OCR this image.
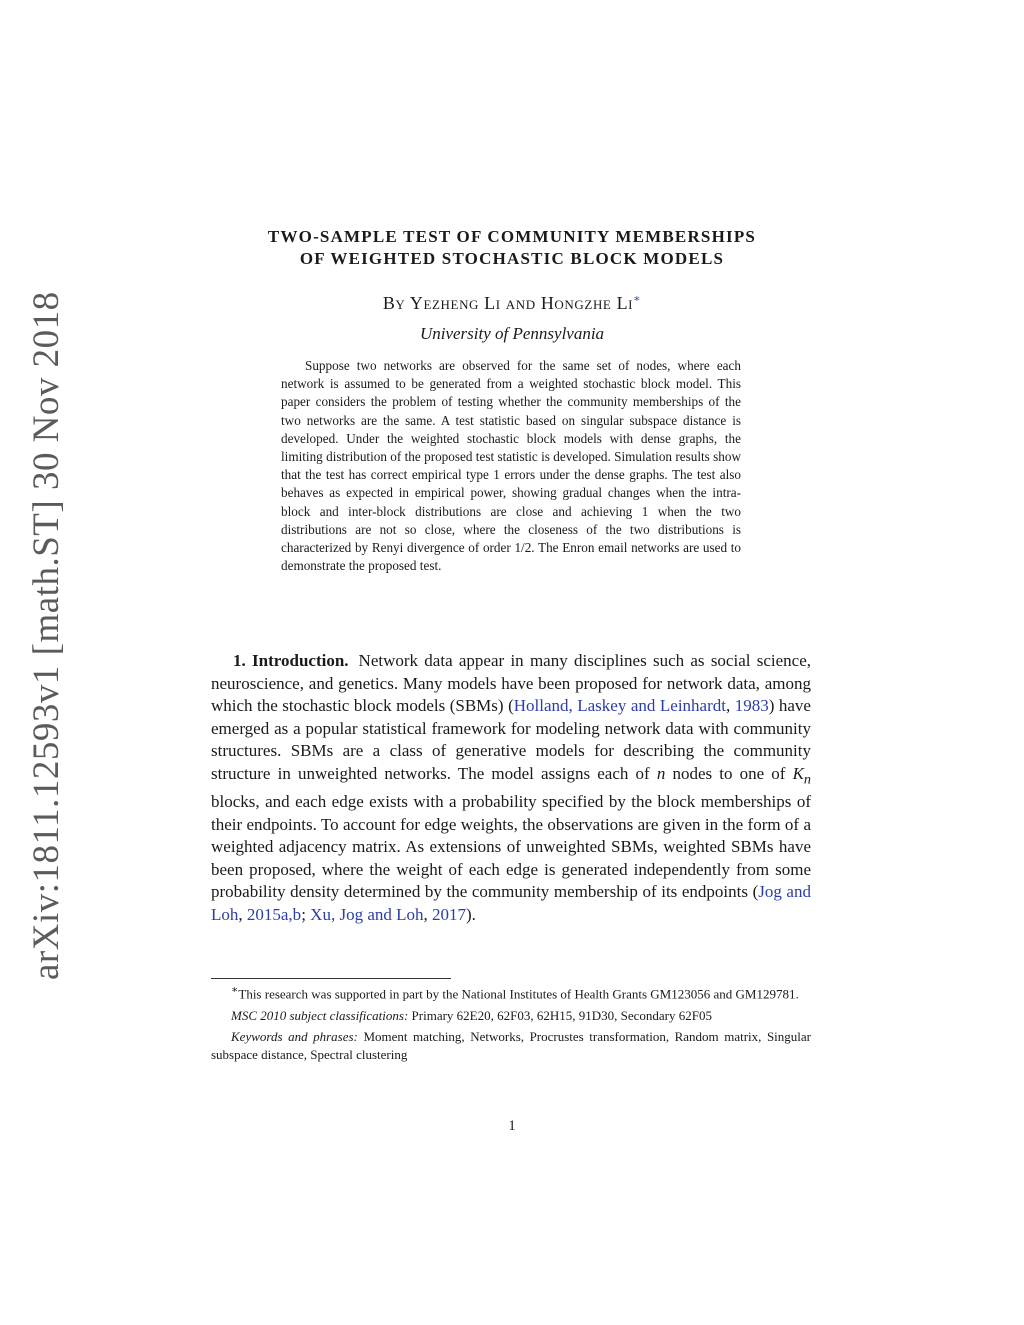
arXiv:1811.12593v1 [math.ST] 30 Nov 2018
TWO-SAMPLE TEST OF COMMUNITY MEMBERSHIPS
OF WEIGHTED STOCHASTIC BLOCK MODELS
By Yezheng Li and Hongzhe Li∗
University of Pennsylvania
Suppose two networks are observed for the same set of nodes, where each network is assumed to be generated from a weighted stochastic block model. This paper considers the problem of testing whether the community memberships of the two networks are the same. A test statistic based on singular subspace distance is developed. Under the weighted stochastic block models with dense graphs, the limiting distribution of the proposed test statistic is developed. Simulation results show that the test has correct empirical type 1 errors under the dense graphs. The test also behaves as expected in empirical power, showing gradual changes when the intra-block and inter-block distributions are close and achieving 1 when the two distributions are not so close, where the closeness of the two distributions is characterized by Renyi divergence of order 1/2. The Enron email networks are used to demonstrate the proposed test.
1. Introduction. Network data appear in many disciplines such as social science, neuroscience, and genetics. Many models have been proposed for network data, among which the stochastic block models (SBMs) (Holland, Laskey and Leinhardt, 1983) have emerged as a popular statistical framework for modeling network data with community structures. SBMs are a class of generative models for describing the community structure in unweighted networks. The model assigns each of n nodes to one of $K_n$ blocks, and each edge exists with a probability specified by the block memberships of their endpoints. To account for edge weights, the observations are given in the form of a weighted adjacency matrix. As extensions of unweighted SBMs, weighted SBMs have been proposed, where the weight of each edge is generated independently from some probability density determined by the community membership of its endpoints (Jog and Loh, 2015a,b; Xu, Jog and Loh, 2017).

∗This research was supported in part by the National Institutes of Health Grants GM123056 and GM129781.

MSC 2010 subject classifications: Primary 62E20, 62F03, 62H15, 91D30, Secondary 62F05

Keywords and phrases: Moment matching, Networks, Procrustes transformation, Random matrix, Singular subspace distance, Spectral clustering

1
